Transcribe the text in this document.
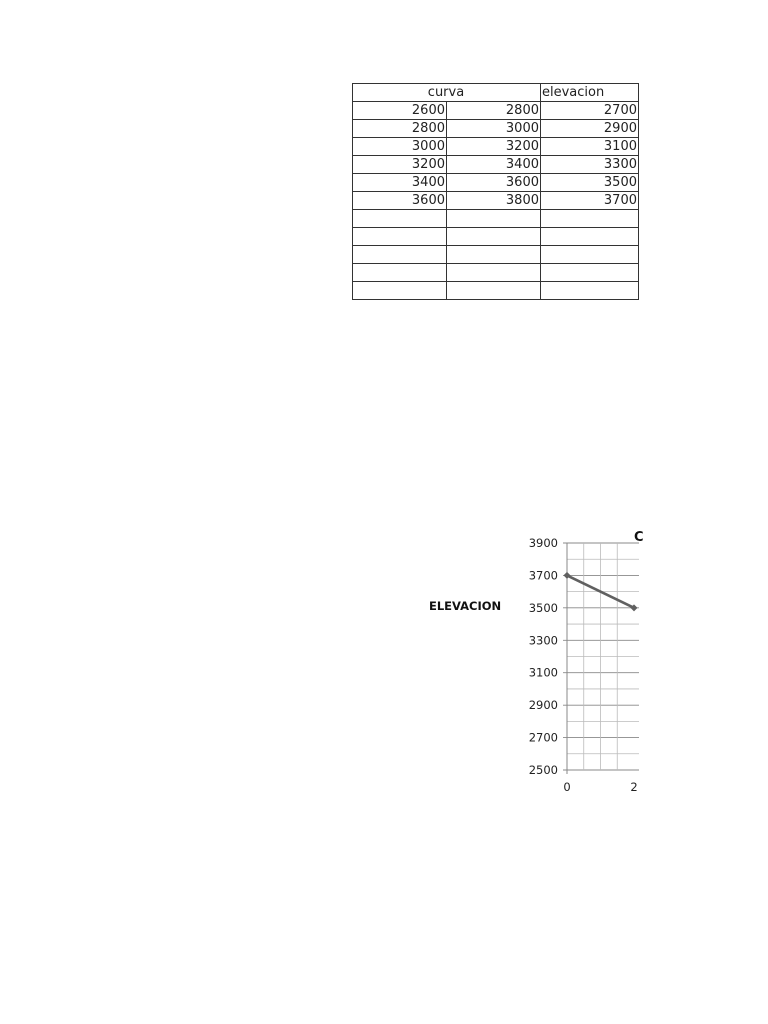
curva		elevacion
2600	2800	2700
2800	3000	2900
3000	3200	3100
3200	3400	3300
3400	3600	3500
3600	3800	3700

3900
3700
3500
3300
3100
2900
2700
2500
0	2
ELEVACION
C
